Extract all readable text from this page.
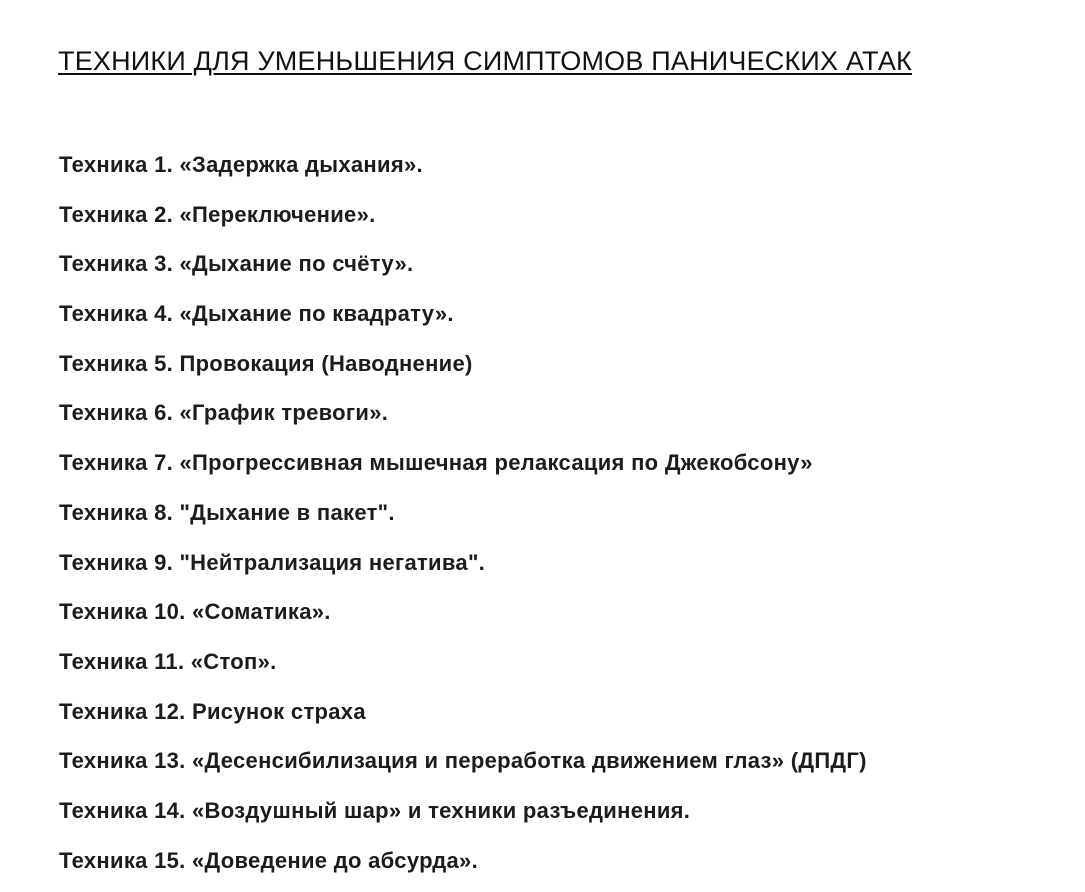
ТЕХНИКИ ДЛЯ УМЕНЬШЕНИЯ СИМПТОМОВ ПАНИЧЕСКИХ АТАК
Техника 1. «Задержка дыхания».
Техника 2. «Переключение».
Техника 3. «Дыхание по счёту».
Техника 4. «Дыхание по квадрату».
Техника 5. Провокация (Наводнение)
Техника 6. «График тревоги».
Техника 7. «Прогрессивная мышечная релаксация по Джекобсону»
Техника 8. "Дыхание в пакет".
Техника 9. "Нейтрализация негатива".
Техника 10. «Соматика».
Техника 11. «Стоп».
Техника 12. Рисунок страха
Техника 13. «Десенсибилизация и переработка движением глаз» (ДПДГ)
Техника 14. «Воздушный шар» и техники разъединения.
Техника 15. «Доведение до абсурда».
